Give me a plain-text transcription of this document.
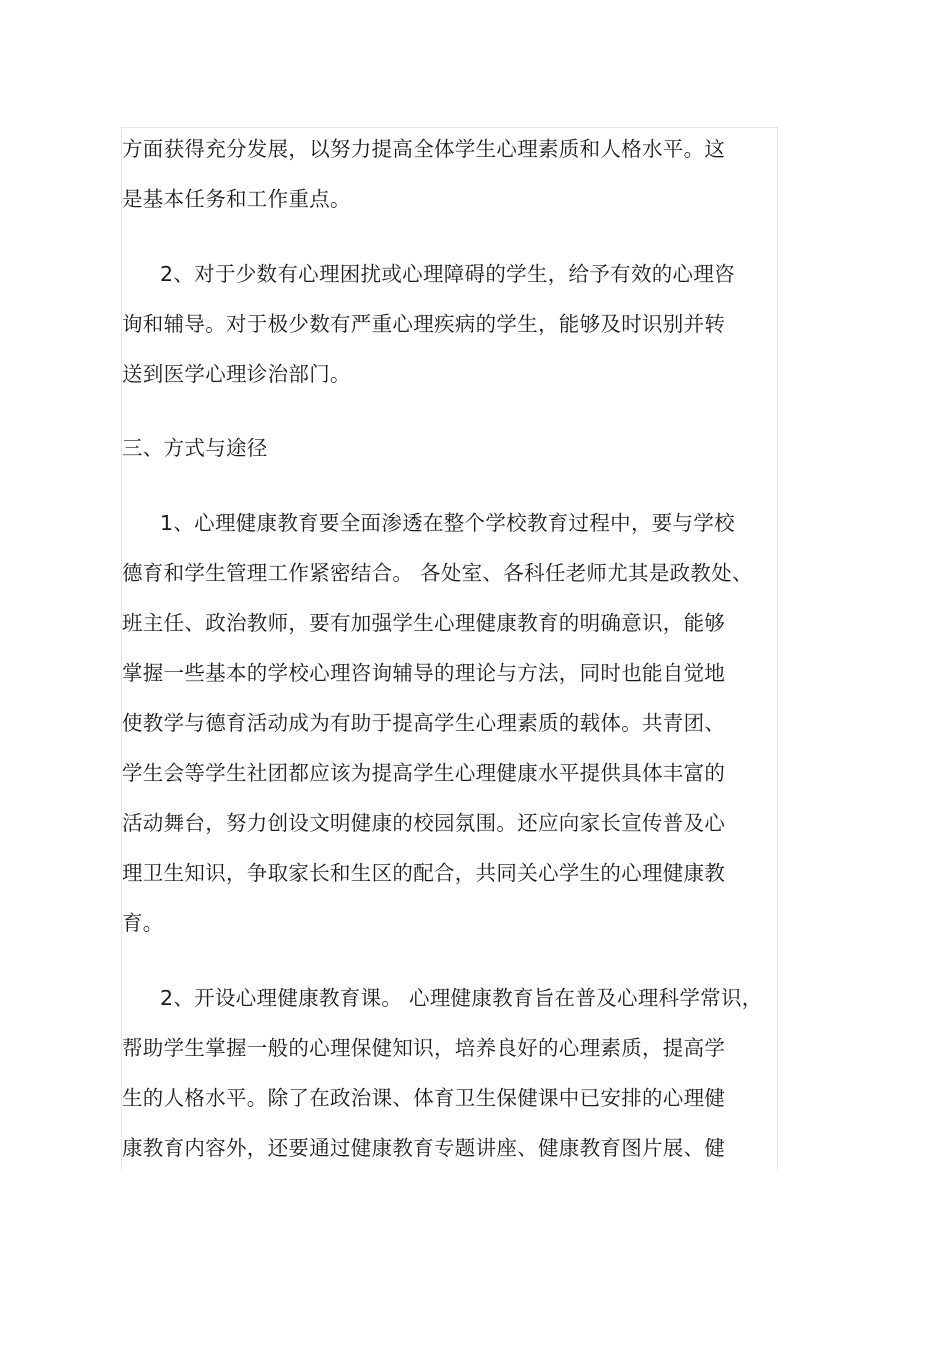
方面获得充分发展，以努力提高全体学生心理素质和人格水平。这
是基本任务和工作重点。
2、对于少数有心理困扰或心理障碍的学生，给予有效的心理咨
询和辅导。对于极少数有严重心理疾病的学生，能够及时识别并转
送到医学心理诊治部门。
三、方式与途径
1、心理健康教育要全面渗透在整个学校教育过程中，要与学校
德育和学生管理工作紧密结合。 各处室、各科任老师尤其是政教处、
班主任、政治教师，要有加强学生心理健康教育的明确意识，能够
掌握一些基本的学校心理咨询辅导的理论与方法，同时也能自觉地
使教学与德育活动成为有助于提高学生心理素质的载体。共青团、
学生会等学生社团都应该为提高学生心理健康水平提供具体丰富的
活动舞台，努力创设文明健康的校园氛围。还应向家长宣传普及心
理卫生知识，争取家长和生区的配合，共同关心学生的心理健康教
育。
2、开设心理健康教育课。 心理健康教育旨在普及心理科学常识，
帮助学生掌握一般的心理保健知识，培养良好的心理素质，提高学
生的人格水平。除了在政治课、体育卫生保健课中已安排的心理健
康教育内容外，还要通过健康教育专题讲座、健康教育图片展、健
